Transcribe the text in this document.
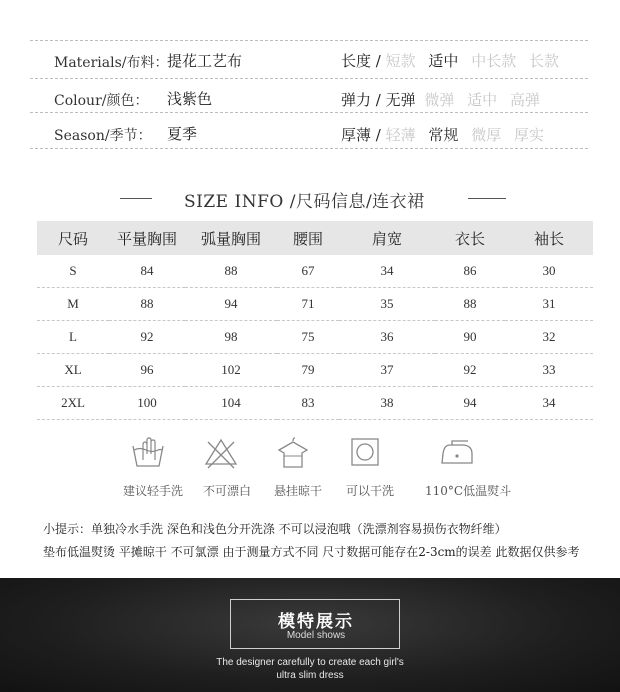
Materials/布料：
提花工艺布	长度 / 短款 适中 中长款 长款
Colour/颜色： 浅紫色	弹力 / 无弹 微弹 适中 高弹
Season/季节： 夏季	厚薄 / 轻薄 常规 微厚 厚实
SIZE INFO /尺码信息/连衣裙
尺码	平量胸围	弧量胸围	腰围	肩宽	衣长	袖长
S	84	88	67	34	86	30
M	88	94	71	35	88	31
L	92	98	75	36	90	32
XL	96	102	79	37	92	33
2XL	100	104	83	38	94	34
建议轻手洗 不可漂白 悬挂晾干 可以干洗	110°C低温熨斗
小提示：单独冷水手洗 深色和浅色分开洗涤 不可以浸泡哦（洗漂剂容易损伤衣物纤维）
垫布低温熨烫 平摊晾干 不可氯漂 由于测量方式不同 尺寸数据可能存在2-3cm的误差 此数据仅供参考
模特展示
Model shows
The designer carefully to create each girl's
ultra slim dress
